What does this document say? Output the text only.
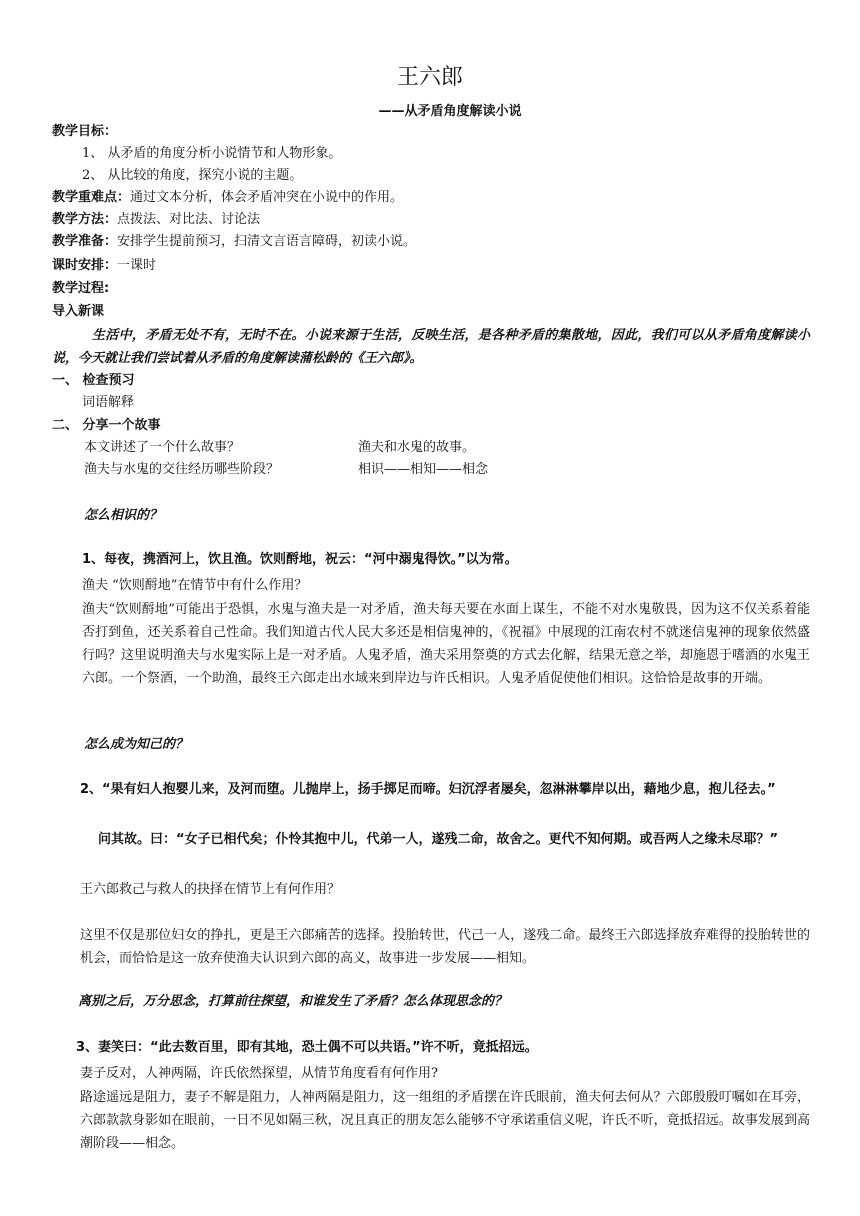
王六郎
——从矛盾角度解读小说
教学目标：
1、 从矛盾的角度分析小说情节和人物形象。
2、 从比较的角度，探究小说的主题。
教学重难点：通过文本分析，体会矛盾冲突在小说中的作用。
教学方法：点拨法、对比法、讨论法
教学准备：安排学生提前预习，扫清文言语言障碍，初读小说。
课时安排：一课时
教学过程:
导入新课
生活中，矛盾无处不有，无时不在。小说来源于生活，反映生活，是各种矛盾的集散地，因此，我们可以从矛盾角度解读小说，今天就让我们尝试着从矛盾的角度解读蒲松龄的《王六郎》。
一、 检查预习
词语解释
二、 分享一个故事
本文讲述了一个什么故事？	渔夫和水鬼的故事。
渔夫与水鬼的交往经历哪些阶段？	相识——相知——相念
怎么相识的？
1、每夜，携酒河上，饮且渔。饮则酹地，祝云：“河中溺鬼得饮。”以为常。
渔夫 “饮则酹地”在情节中有什么作用？
渔夫“饮则酹地”可能出于恐惧，水鬼与渔夫是一对矛盾，渔夫每天要在水面上谋生，不能不对水鬼敬畏，因为这不仅关系着能否打到鱼，还关系着自己性命。我们知道古代人民大多还是相信鬼神的，《祝福》中展现的江南农村不就迷信鬼神的现象依然盛行吗？这里说明渔夫与水鬼实际上是一对矛盾。人鬼矛盾，渔夫采用祭奠的方式去化解，结果无意之举，却施恩于嗜酒的水鬼王六郎。一个祭酒，一个助渔，最终王六郎走出水域来到岸边与许氏相识。人鬼矛盾促使他们相识。这恰恰是故事的开端。
怎么成为知己的？
2、“果有妇人抱婴儿来，及河而堕。儿抛岸上，扬手掷足而啼。妇沉浮者屡矣，忽淋淋攀岸以出，藉地少息，抱儿径去。”
问其故。曰：“女子已相代矣；仆怜其抱中儿，代弟一人，遂残二命，故舍之。更代不知何期。或吾两人之缘未尽耶？”
王六郎救己与救人的抉择在情节上有何作用？
这里不仅是那位妇女的挣扎，更是王六郎痛苦的选择。投胎转世，代己一人，遂残二命。最终王六郎选择放弃难得的投胎转世的机会，而恰恰是这一放弃使渔夫认识到六郎的高义，故事进一步发展——相知。
离别之后，万分思念，打算前往探望，和谁发生了矛盾？怎么体现思念的？
3、妻笑曰：“此去数百里，即有其地，恐土偶不可以共语。”许不听，竟抵招远。
妻子反对，人神两隔，许氏依然探望，从情节角度看有何作用?
路途遥远是阻力，妻子不解是阻力，人神两隔是阻力，这一组组的矛盾摆在许氏眼前，渔夫何去何从？六郎殷殷叮嘱如在耳旁，六郎款款身影如在眼前，一日不见如隔三秋，况且真正的朋友怎么能够不守承诺重信义呢，许氏不听，竟抵招远。故事发展到高潮阶段——相念。
